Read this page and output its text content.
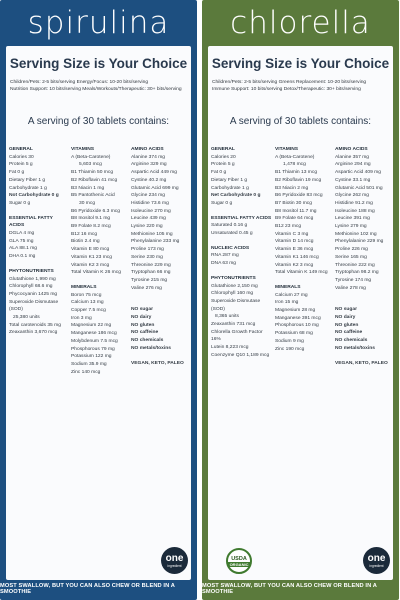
spirulina
Serving Size is Your Choice
Children/Pets: 2-5 bits/serving Energy/Focus: 10-20 bits/serving
Nutrition Support: 10 bits/serving Meals/Workouts/Therapeutic: 30+ bits/serving
A serving of 30 tablets contains:
GENERAL
Calories 30
Protein 5 g
Fat 0 g
Dietary Fiber 1 g
Carbohydrate 1 g
Not Carbohydrate 0 g
Sugar 0 g
ESSENTIAL FATTY ACIDS
DGLA 4 mg
GLA 75 mg
ALA 88.1 mg
DHA 0.1 mg
PHYTONUTRIENTS
Glutathione 1,990 mg
Chlorophyll 68.6 mg
Phycocyanin 1425 mg
Superoxide Dismutase (SOD)
25,380 units
Total carotenoids 35 mg
Zeaxanthin 3,670 mcg
VITAMINS
A (Beta-Carotene)
5,603 mcg
B1 Thiamin 50 mcg
B2 Riboflavin 41 mcg
B3 Niacin 1 mg
B5 Pantothenic Acid
30 mcg
B6 Pyridoxide 6.3 mcg
B8 Inositol 9.1 mg
B9 Folate 8.2 mcg
B12 16 mcg
Biotin 2.4 mg
Vitamin E 80 mcg
Vitamin K1 23 mcg
Vitamin K2 3 mcg
Total Vitamin K 26 mcg
MINERALS
Boron 75 mcg
Calcium 13 mg
Copper 7.5 mcg
Iron 3 mg
Magnesium 22 mg
Manganese 186 mcg
Molybdenum 7.5 mcg
Phosphorous 79 mg
Potassium 122 mg
Sodium 35.9 mg
Zinc 140 mcg
AMINO ACIDS
Alanine 374 mg
Arginine 329 mg
Aspartic Acid 449 mg
Cystine 40.2 mg
Glutamic Acid 699 mg
Glycine 234 mg
Histidine 73.6 mg
Isoleucine 270 mg
Leucine 439 mg
Lysine 220 mg
Methionine 105 mg
Phenylalanine 233 mg
Proline 173 mg
Serine 230 mg
Threonine 229 mg
Tryptophan 66 mg
Tyrosine 215 mg
Valine 276 mg
NO sugar
NO dairy
NO gluten
NO caffeine
NO chemicals
NO metals/toxins
VEGAN, KETO, PALEO
one
ingredient
MOST SWALLOW, BUT YOU CAN ALSO CHEW OR BLEND IN A SMOOTHIE
chlorella
Serving Size is Your Choice
Children/Pets: 2-5 bits/serving Greens Replacement: 10-20 bits/serving
Immune Support: 10 bits/serving Detox/Therapeutic: 30+ bits/serving
A serving of 30 tablets contains:
GENERAL
Calories 20
Protein 5 g
Fat 0 g
Dietary Fiber 1 g
Carbohydrate 1 g
Net Carbohydrate 0 g
Sugar 0 g
ESSENTIAL FATTY ACIDS
Saturated 0.16 g
Unsaturated 0.45 g
NUCLEIC ACIDS
RNA 287 mg
DNA 63 mg
PHYTONUTRIENTS
Glutathione 2,150 mg
Chlorophyll 160 mg
Superoxide Dismutase (SOD)
8,365 units
Zeaxanthin 731 mcg
Chlorella Growth Factor 16%
Lutein 8,223 mcg
Coenzyme Q10 1,189 mcg
VITAMINS
A (Beta-Carotene)
1,478 mcg
B1 Thiamin 13 mcg
B2 Riboflavin 19 mcg
B3 Niacin 2 mg
B6 Pyridoxide 83 mcg
B7 Biotin 30 mcg
B8 Inositol 11.7 mg
B9 Folate 64 mcg
B12 23 mcg
Vitamin C 3 mg
Vitamin D 14 mcg
Vitamin E 36 mcg
Vitamin K1 146 mcg
Vitamin K2 3 mcg
Total Vitamin K 149 mcg
MINERALS
Calcium 27 mg
Iron 15 mg
Magnesium 28 mg
Manganese 391 mcg
Phosphorous 10 mg
Potassium 68 mg
Sodium 9 mg
Zinc 190 mcg
AMINO ACIDS
Alanine 357 mg
Arginine 294 mg
Aspartic Acid 409 mg
Cystine 33.1 mg
Glutamic Acid 501 mg
Glycine 262 mg
Histidine 91.2 mg
Isoleucine 188 mg
Leucine 391 mg
Lysine 279 mg
Methionine 102 mg
Phenylalanine 229 mg
Proline 226 mg
Serine 165 mg
Threonine 222 mg
Tryptophan 98.2 mg
Tyrosine 174 mg
Valine 278 mg
NO sugar
NO dairy
NO gluten
NO caffeine
NO chemicals
NO metals/toxins
VEGAN, KETO, PALEO
USDA
ORGANIC
one
ingredient
MOST SWALLOW, BUT YOU CAN ALSO CHEW OR BLEND IN A SMOOTHIE
